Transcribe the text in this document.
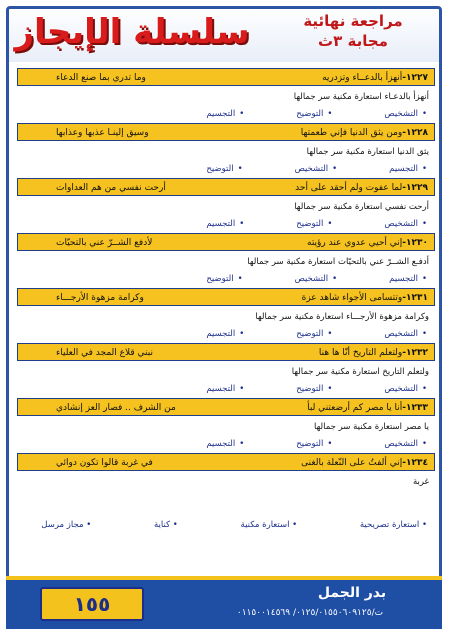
سلسلة الإيجاز	مراجعة نهائية
مجابة ٣ث
١٢٢٧-أنهزأ بالدعــاء وتزدريه
وما تدري بما صنع الدعاء
أنهزأ بالدعـاء استعارة مكنية سر جمالها
•التشخيص•التوضيح•التجسيم
١٢٢٨-ومن يثق الدنيا فإني طعمتها
وسيق إلينـا عذبها وعذابها
يثق الدنيا استعارة مكنية سر جمالها
•التجسيم•التشخيص•التوضيح
١٢٢٩-لما عفوت ولم أحقد على أحد
أرحت نفسي من هم العداوات
أرحت نفسي استعارة مكنية سر جمالها
•التشخيص•التوضيح•التجسيم
١٢٣٠-إني أحيي عدوي عند رؤيته
لأدفع الشــرّ عني بالتحيّات
أدفـع الشــرّ عني بالتحيّات استعارة مكنية سر جمالها
•التجسيم•التشخيص•التوضيح
١٢٣١-وتتسامى الأجواء شاهد عزة
وكرامة مزهوة الأرجـــاء
وكرامة مزهوة الأرجـــاء استعارة مكنية سر جمالها
•التشخيص•التوضيح•التجسيم
١٢٣٢-ولتعلم التاريخ أنّا ها هنا
نبني قلاع المجد في العلياء
ولتعلم التاريخ استعارة مكنية سر جمالها
•التشخيص•التوضيح•التجسيم
١٢٣٣-أنا يا مصر كم أرضعتني لبأ
من الشرف .. فصار العز إنشادي
يا مصر استعارة مكنية سر جمالها
•التشخيص•التوضيح•التجسيم
١٢٣٤-إني ألفتُ على النّعلة بالغنى
في غربة قالوا تكون دوائي
غربة
• استعارة تصريحية • استعارة مكنية • كناية • مجاز مرسل
١٥٥	بدر الجمل
ت/٠١٢٥/٠١٥٥٠٦٠٩١٢٥/ ٠١١٥٠٠١٤٥٦٩
